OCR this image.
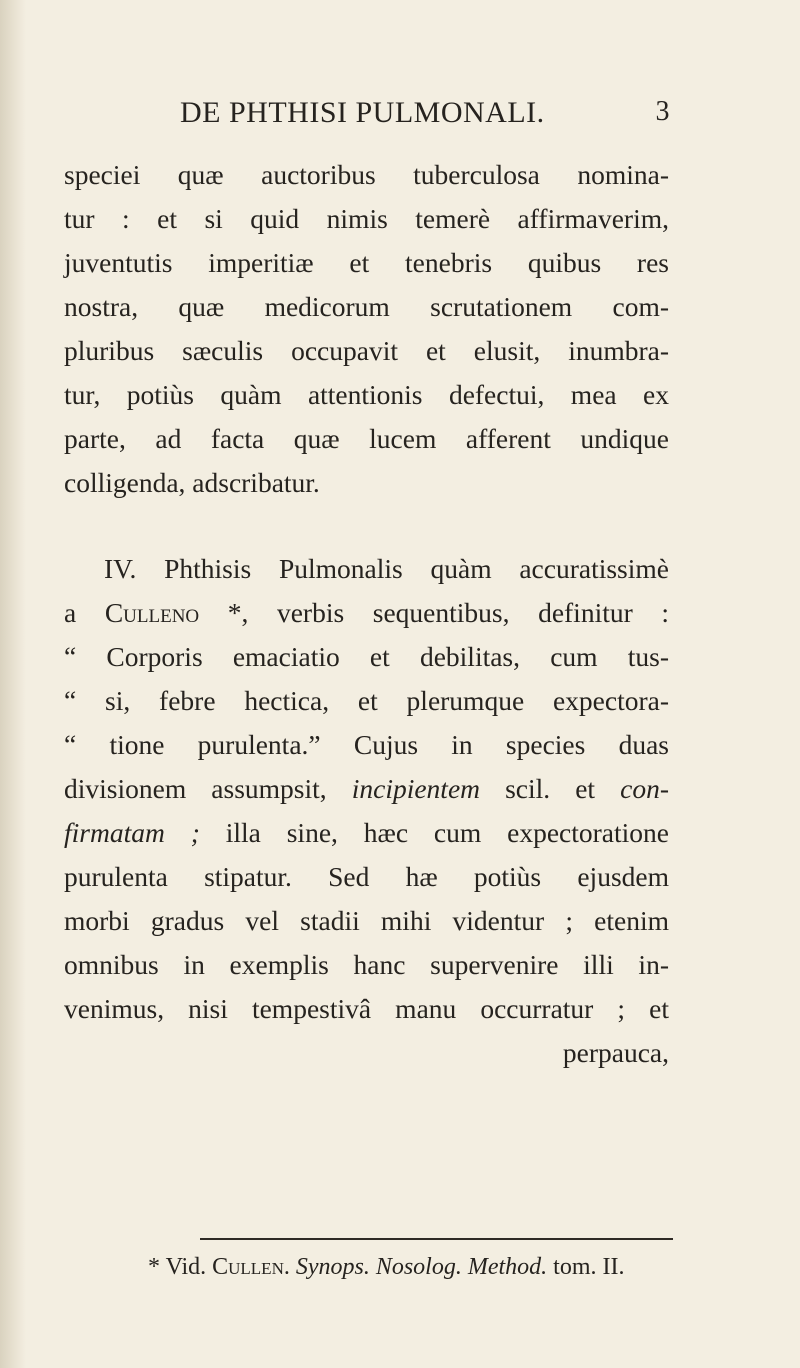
DE PHTHISI PULMONALI.	3
speciei quæ auctoribus tuberculosa nomina-
tur : et si quid nimis temerè affirmaverim,
juventutis imperitiæ et tenebris quibus res
nostra, quæ medicorum scrutationem com-
pluribus sæculis occupavit et elusit, inumbra-
tur, potiùs quàm attentionis defectui, mea ex
parte, ad facta quæ lucem afferent undique
colligenda, adscribatur.
IV. Phthisis Pulmonalis quàm accuratissimè
a Culleno *, verbis sequentibus, definitur :
“ Corporis emaciatio et debilitas, cum tus-
“ si, febre hectica, et plerumque expectora-
“ tione purulenta.” Cujus in species duas
divisionem assumpsit, incipientem scil. et con-
firmatam ; illa sine, hæc cum expectoratione
purulenta stipatur. Sed hæ potiùs ejusdem
morbi gradus vel stadii mihi videntur ; etenim
omnibus in exemplis hanc supervenire illi in-
venimus, nisi tempestivâ manu occurratur ; et
perpauca,
* Vid. Cullen. Synops. Nosolog. Method. tom. II.
